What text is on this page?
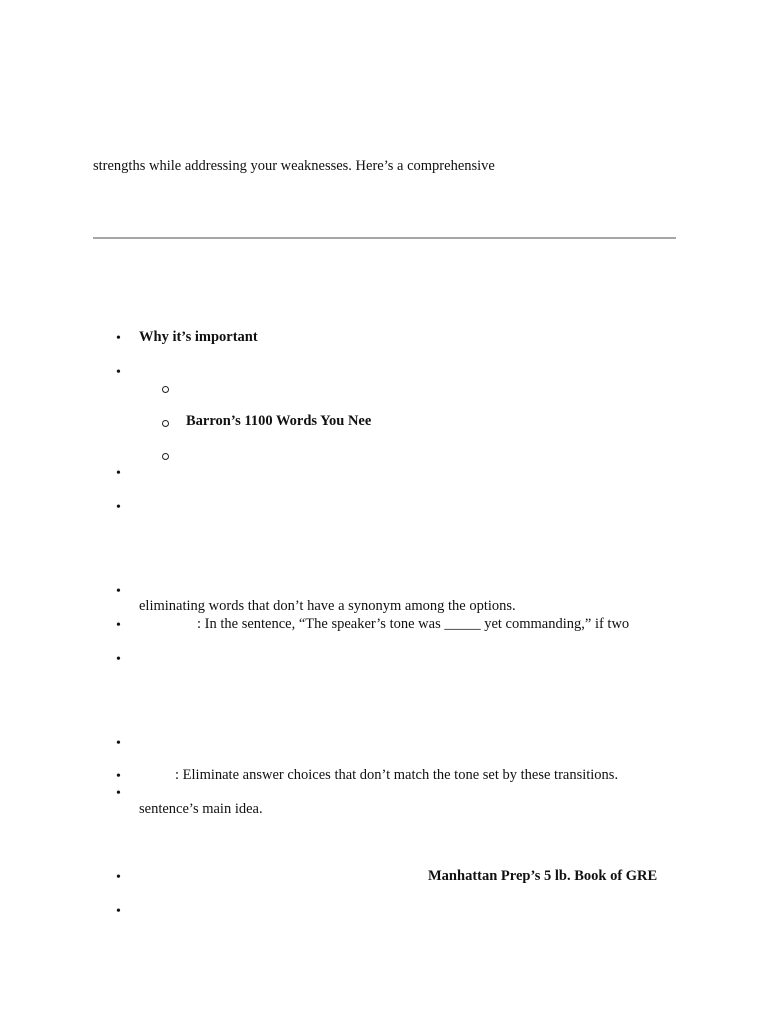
strengths while addressing your weaknesses. Here’s a comprehensive
• Why it’s important
•
Barron’s 1100 Words You Nee
•
•
•
eliminating words that don’t have a synonym among the options.
•	: In the sentence, “The speaker’s tone was _____ yet commanding,” if two
•
•
•	: Eliminate answer choices that don’t match the tone set by these transitions.
•
sentence’s main idea.
•	Manhattan Prep’s 5 lb. Book of GRE
•
